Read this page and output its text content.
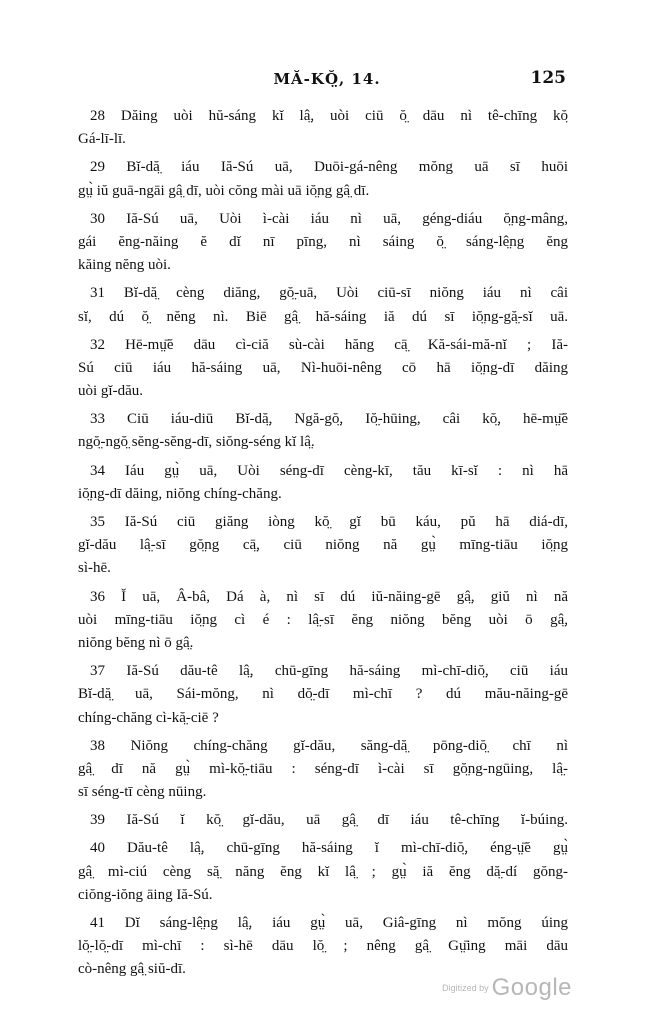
MĂ-KŎ̤, 14.	125
28 Dăing uòi hŭ-sáng kĭ lâ̤, uòi ciū ŏ̤ dāu nì tê-chīng kŏ̤
Gá-lī-lī.
29 Bĭ-dă̤ iáu Iă-Sú uā, Duōi-gá-nêng mŏng uā sī huōi
gṳ̀ iŭ guā-ngāi gâ̤ dī, uòi cŏng mài uā iŏ̤ng gâ̤ dī.
30 Iă-Sú uā, Uòi ì-cài iáu nì uā, géng-diáu ŏ̤ng-mâng,
gái ĕng-năing ĕ dĭ nī pīng, nì sáing ŏ̤ sáng-lê̤ng ĕng
kăing nĕng uòi.
31 Bĭ-dă̤ cèng diăng, gŏ̤-uā, Uòi ciū-sī niŏng iáu nì câi
sĭ, dú ŏ̤ nĕng nì. Biē gâ̤ hă-sáing iă dú sī iŏ̤ng-gă̤-sĭ uā.
32 Hē-mṳ̄ĕ dāu cì-ciă sù-cài hăng cā̤ Kă-sái-mă-nĭ ; Iă-
Sú ciū iáu hă-sáing uā, Nì-huōi-nêng cō hā iŏ̤ng-dī dăing
uòi gĭ-dău.
33 Ciū iáu-diū Bĭ-dă̤, Ngă-gŏ̤, Iŏ̤-hūing, câi kŏ̤, hē-mṳ̄ĕ
ngŏ̤-ngŏ̤ sĕng-sĕng-dī, siŏng-séng kĭ lâ̤.
34 Iáu gṳ̀ uā, Uòi séng-dī cèng-kī, tău kī-sĭ : nì hā
iŏ̤ng-dī dăing, niŏng chíng-chăng.
35 Iă-Sú ciū giăng iòng kŏ̤ gĭ bū káu, pŭ hā diá-dī,
gĭ-dău lâ̤-sī gŏ̤ng cā̤, ciū niŏng nă gṳ̀ mīng-tiāu iŏ̤ng
sì-hē.
36 Ĭ uā, Â-bâ, Dá à, nì sī dú iŭ-năing-gē gâ̤, giŭ nì nă
uòi mīng-tiāu iŏ̤ng cì é : lâ̤-sī ĕng niŏng bĕng uòi ō gâ̤,
niŏng bĕng nì ō gâ̤.
37 Iă-Sú dău-tê lâ̤, chū-gīng hă-sáing mì-chī-diŏ̤, ciū iáu
Bĭ-dă̤ uā, Sái-mŏng, nì dŏ̤-dī mì-chī ? dú mău-năing-gē
chíng-chăng cì-kă̤-ciē ?
38 Niŏng chíng-chăng gĭ-dău, săng-dă̤ pōng-diŏ̤ chī nì
gâ̤ dī nă gṳ̀ mì-kŏ̤-tiāu : séng-dī ì-cài sī gŏ̤ng-ngūing, lâ̤-
sī séng-tī cèng nūing.
39 Iă-Sú ĭ kŏ̤ gĭ-dău, uā gâ̤ dī iáu tê-chīng ĭ-búing.
40 Dău-tê lâ̤, chū-gīng hă-sáing ĭ mì-chī-diŏ̤, éng-ṳ̄ĕ gṳ̀
gâ̤ mì-ciú cèng să̤ năng ĕng kĭ lâ̤ ; gṳ̀ iă ĕng dă̤-dí gŏng-
ciŏng-iŏng āing Iă-Sú.
41 Dĭ sáng-lê̤ng lâ̤, iáu gṳ̀ uā, Giâ-gīng nì mŏng úing
lŏ̤-lŏ̤-dī mì-chī : sì-hē dāu lŏ̤ ; nêng gâ̤ Gṳ̄ing māi dāu
cò-nêng gâ̤ siŭ-dī.
Digitized by Google
